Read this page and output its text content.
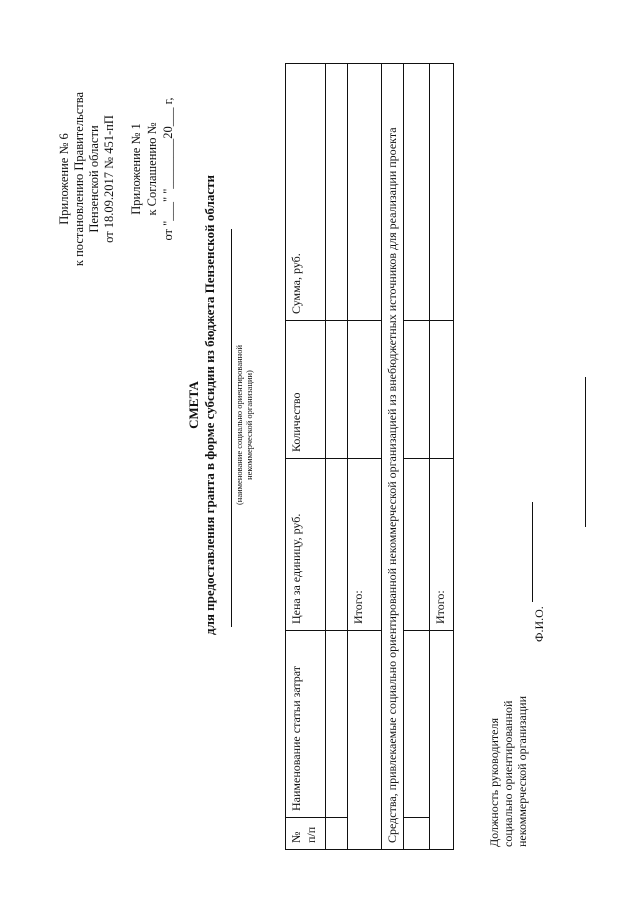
Приложение № 6 к постановлению Правительства Пензенской области от 18.09.2017 № 451-пП Приложение № 1 к Соглашению № от "___" "________20___ г,
СМЕТА для предоставления гранта в форме субсидии из бюджета Пензенской области (наименование социально ориентированной некоммерческой организации)
№ п/п	Наименование статьи затрат	Цена за единицу, руб.	Количество	Сумма, руб.

		Итого:		
Средства, привлекаемые социально ориентированной некоммерческой организацией из внебюджетных источников для реализации проекта				

		Итого:		
Должность руководителя социально ориентированной некоммерческой организации
Ф.И.О.
